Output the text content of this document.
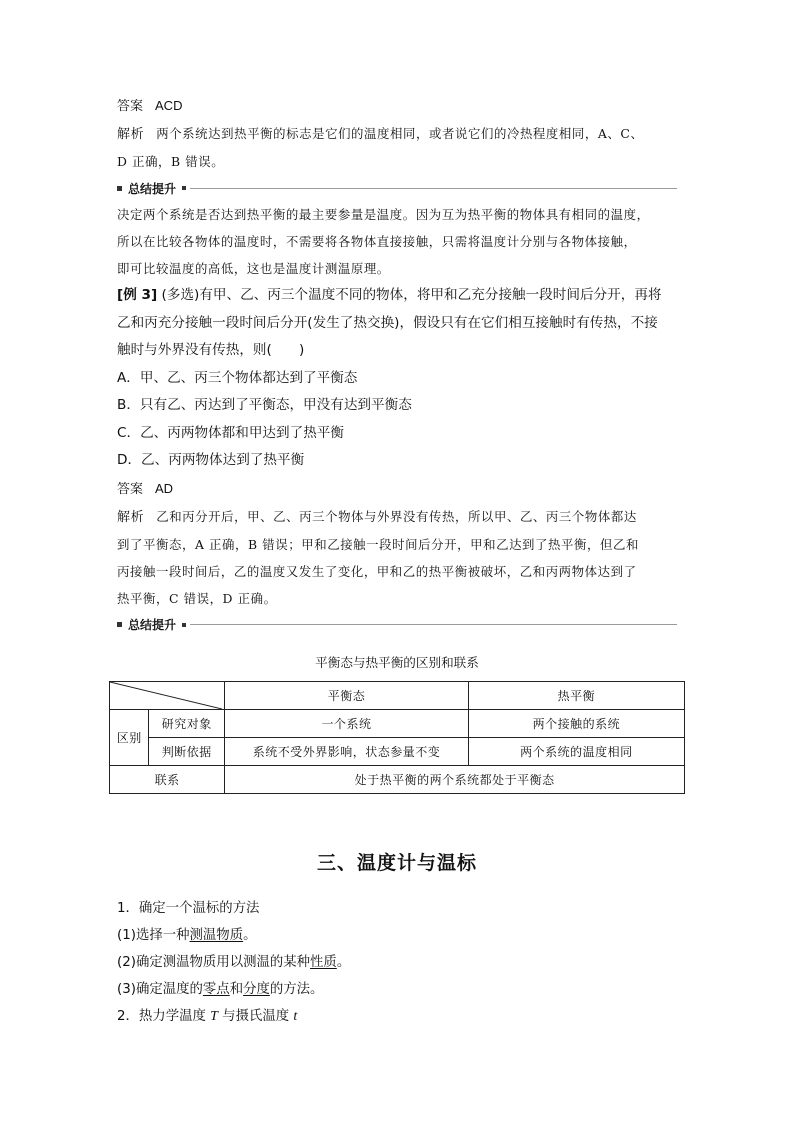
答案 ACD
解析 两个系统达到热平衡的标志是它们的温度相同，或者说它们的冷热程度相同，A、C、
D 正确，B 错误。
总结提升
决定两个系统是否达到热平衡的最主要参量是温度。因为互为热平衡的物体具有相同的温度，
所以在比较各物体的温度时，不需要将各物体直接接触，只需将温度计分别与各物体接触，
即可比较温度的高低，这也是温度计测温原理。
[例 3] (多选)有甲、乙、丙三个温度不同的物体，将甲和乙充分接触一段时间后分开，再将
乙和丙充分接触一段时间后分开(发生了热交换)，假设只有在它们相互接触时有传热，不接
触时与外界没有传热，则(　　)
A．甲、乙、丙三个物体都达到了平衡态
B．只有乙、丙达到了平衡态，甲没有达到平衡态
C．乙、丙两物体都和甲达到了热平衡
D．乙、丙两物体达到了热平衡
答案 AD
解析 乙和丙分开后，甲、乙、丙三个物体与外界没有传热，所以甲、乙、丙三个物体都达
到了平衡态，A 正确，B 错误；甲和乙接触一段时间后分开，甲和乙达到了热平衡，但乙和
丙接触一段时间后，乙的温度又发生了变化，甲和乙的热平衡被破坏，乙和丙两物体达到了
热平衡，C 错误，D 正确。
总结提升
平衡态与热平衡的区别和联系
	平衡态	热平衡
区别	研究对象	一个系统	两个接触的系统
	判断依据	系统不受外界影响，状态参量不变	两个系统的温度相同
联系		处于热平衡的两个系统都处于平衡态	
三、温度计与温标
1．确定一个温标的方法
(1)选择一种测温物质。
(2)确定测温物质用以测温的某种性质。
(3)确定温度的零点和分度的方法。
2．热力学温度 T 与摄氏温度 t
